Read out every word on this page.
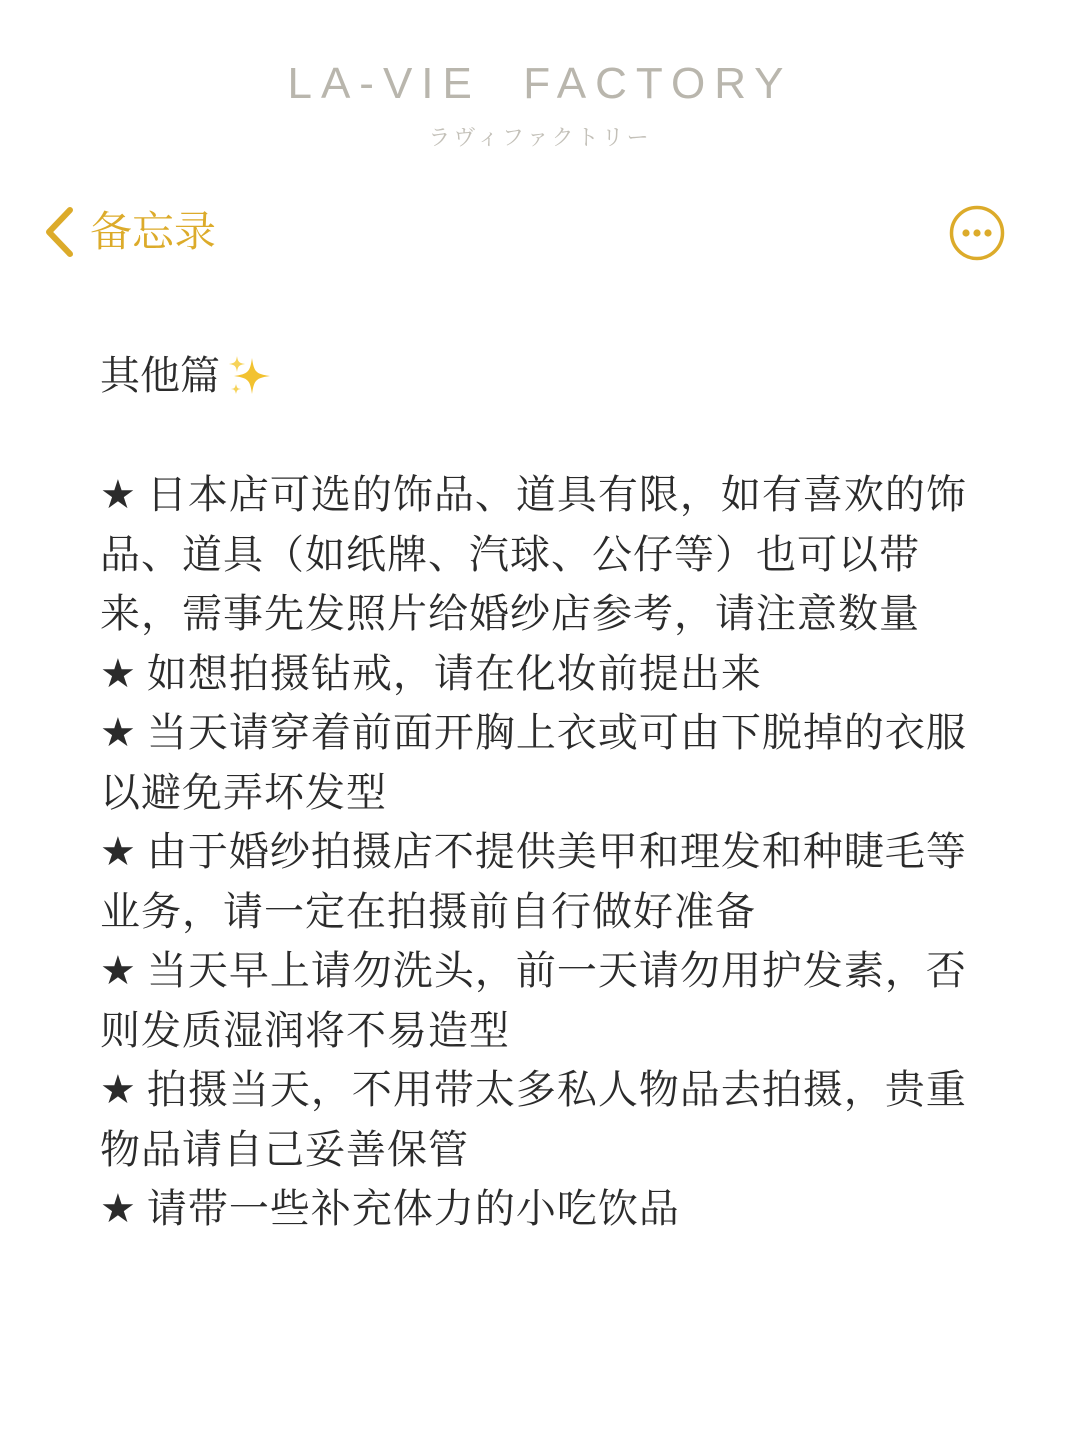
LA-VIE  FACTORY
ラヴィファクトリー
备忘录
其他篇
★ 日本店可选的饰品、道具有限，如有喜欢的饰品、道具（如纸牌、汽球、公仔等）也可以带来，需事先发照片给婚纱店参考，请注意数量
★ 如想拍摄钻戒，请在化妆前提出来
★ 当天请穿着前面开胸上衣或可由下脱掉的衣服以避免弄坏发型
★ 由于婚纱拍摄店不提供美甲和理发和种睫毛等业务，请一定在拍摄前自行做好准备
★ 当天早上请勿洗头，前一天请勿用护发素，否则发质湿润将不易造型
★ 拍摄当天，不用带太多私人物品去拍摄，贵重物品请自己妥善保管
★ 请带一些补充体力的小吃饮品
